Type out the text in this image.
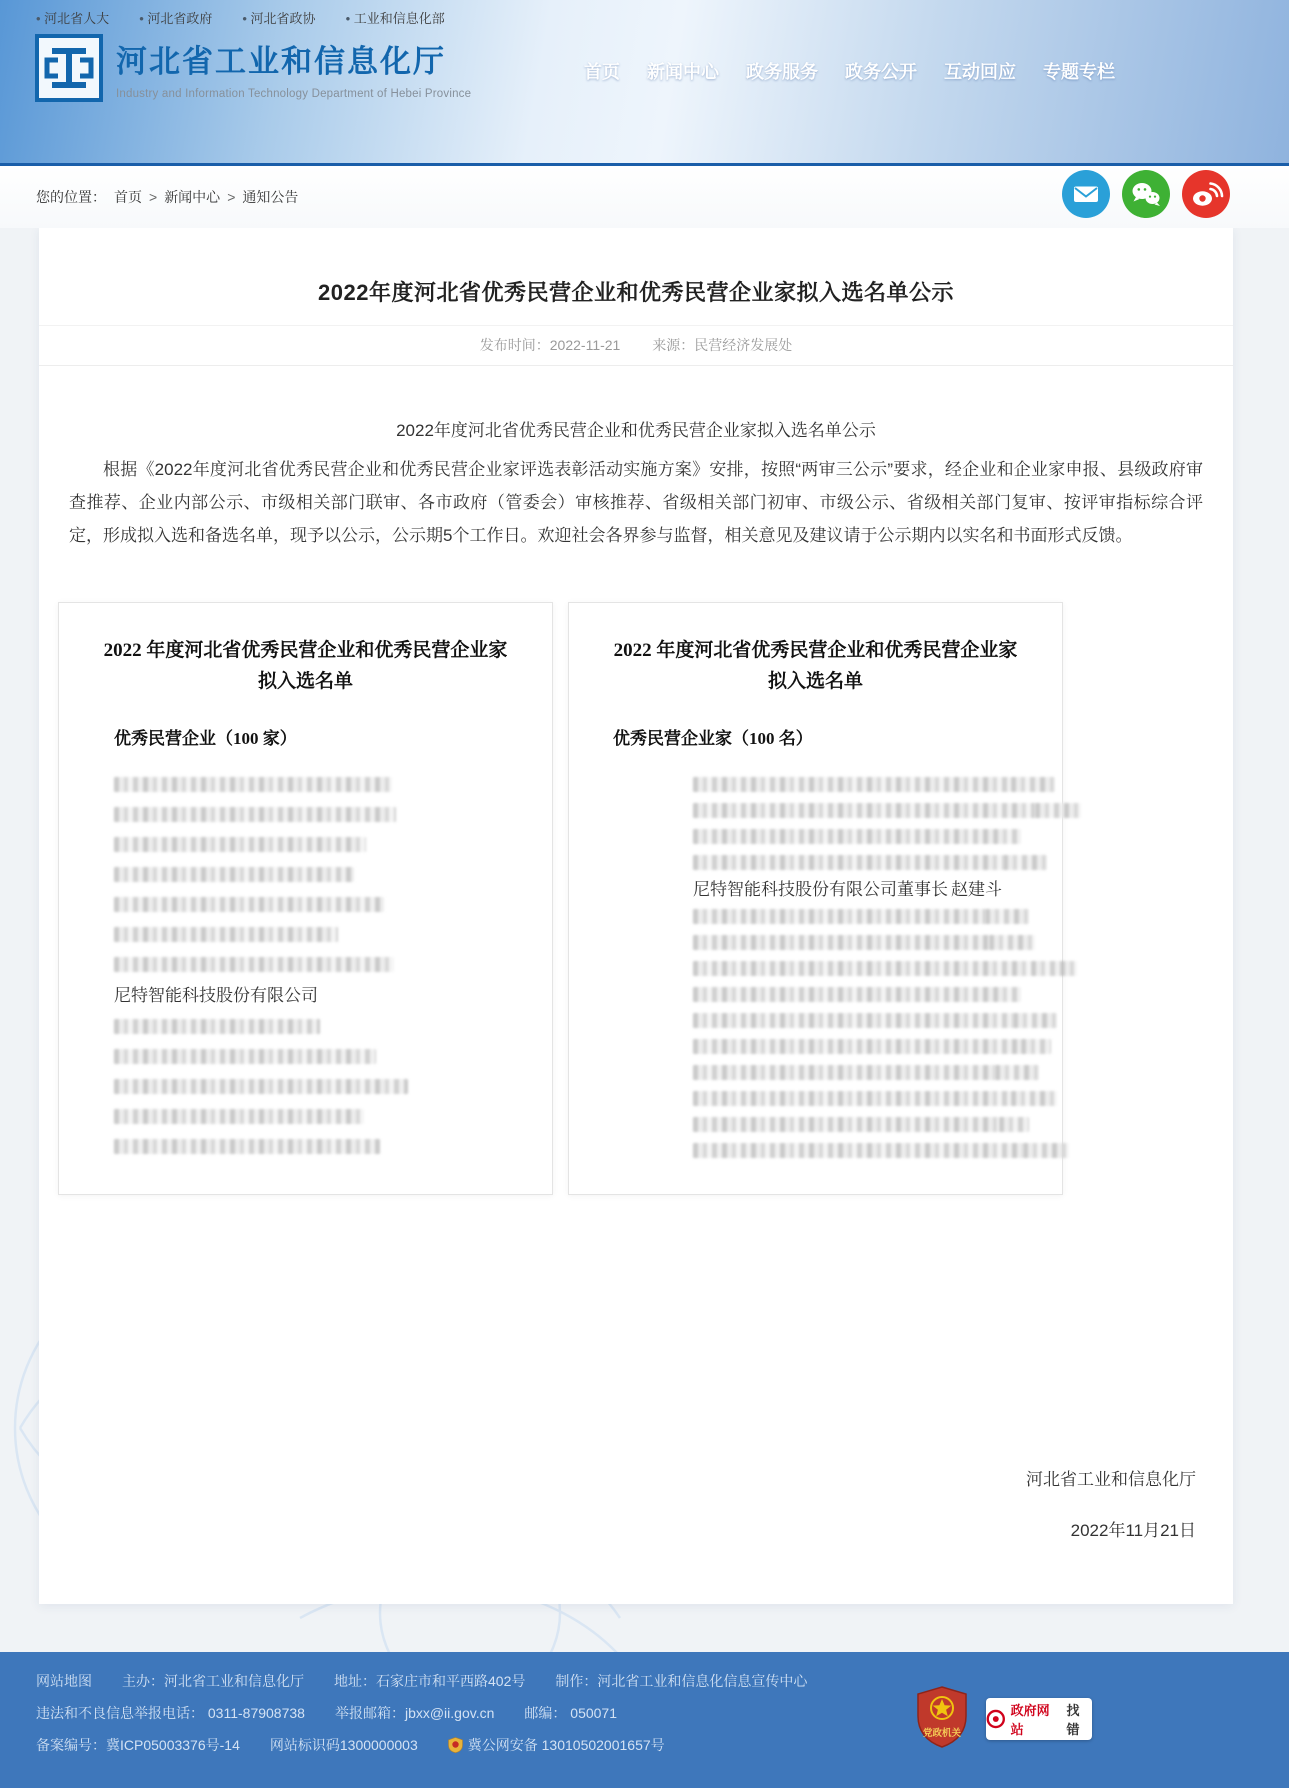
• 河北省人大	• 河北省政府	• 河北省政协	• 工业和信息化部
河北省工业和信息化厅
Industry and Information Technology Department of Hebei Province
首页 新闻中心 政务服务 政务公开 互动回应 专题专栏
您的位置： 首页 > 新闻中心 > 通知公告
2022年度河北省优秀民营企业和优秀民营企业家拟入选名单公示
发布时间：2022-11-21 来源：民营经济发展处
2022年度河北省优秀民营企业和优秀民营企业家拟入选名单公示

根据《2022年度河北省优秀民营企业和优秀民营企业家评选表彰活动实施方案》安排，按照“两审三公示”要求，经企业和企业家申报、县级政府审查推荐、企业内部公示、市级相关部门联审、各市政府（管委会）审核推荐、省级相关部门初审、市级公示、省级相关部门复审、按评审指标综合评定，形成拟入选和备选名单，现予以公示，公示期5个工作日。欢迎社会各界参与监督，相关意见及建议请于公示期内以实名和书面形式反馈。

2022 年度河北省优秀民营企业和优秀民营企业家
拟入选名单
优秀民营企业（100 家）
尼特智能科技股份有限公司
2022 年度河北省优秀民营企业和优秀民营企业家
拟入选名单
优秀民营企业家（100 名）
尼特智能科技股份有限公司董事长 赵建斗
河北省工业和信息化厅
2022年11月21日
网站地图 主办：河北省工业和信息化厅 地址：石家庄市和平西路402号 制作：河北省工业和信息化信息宣传中心
违法和不良信息举报电话： 0311-87908738 举报邮箱：jbxx@ii.gov.cn 邮编： 050071
备案编号：冀ICP05003376号-14 网站标识码1300000003	冀公网安备 13010502001657号
党政机关
政府网站
找错
